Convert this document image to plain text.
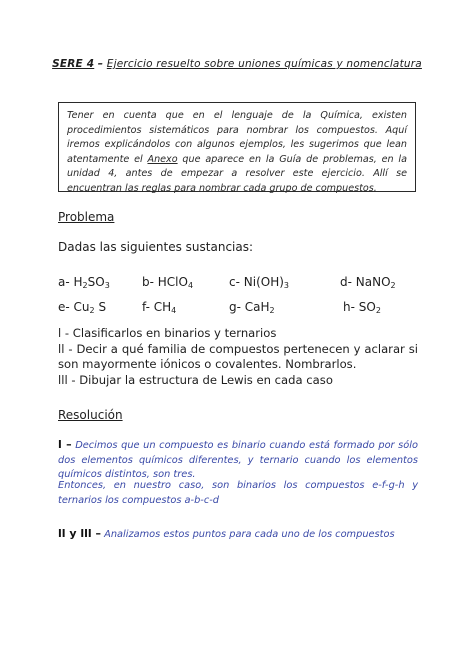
SERE 4 – Ejercicio resuelto sobre uniones químicas y nomenclatura
Tener en cuenta que en el lenguaje de la Química, existen procedimientos sistemáticos para nombrar los compuestos. Aquí iremos explicándolos con algunos ejemplos, les sugerimos que lean atentamente el Anexo que aparece en la Guía de problemas, en la unidad 4, antes de empezar a resolver este ejercicio. Allí se encuentran las reglas para nombrar cada grupo de compuestos.
Problema
Dadas las siguientes sustancias:
a- $H_2SO_3$	b- HClO$_4$	c- $Ni(OH)_3$	d- NaNO$_2$
e- $Cu_2$ S	f- $CH_4$	g- CaH$_2$	h- $SO_2$
l - Clasificarlos en binarios y ternarios
ll - Decir a qué familia de compuestos pertenecen y aclarar si son mayormente iónicos o covalentes. Nombrarlos.
lll - Dibujar la estructura de Lewis en cada caso
Resolución
l – Decimos que un compuesto es binario cuando está formado por sólo dos elementos químicos diferentes, y ternario cuando los elementos químicos distintos, son tres.
Entonces, en nuestro caso, son binarios los compuestos e-f-g-h y ternarios los compuestos a-b-c-d
ll y lll – Analizamos estos puntos para cada uno de los compuestos
